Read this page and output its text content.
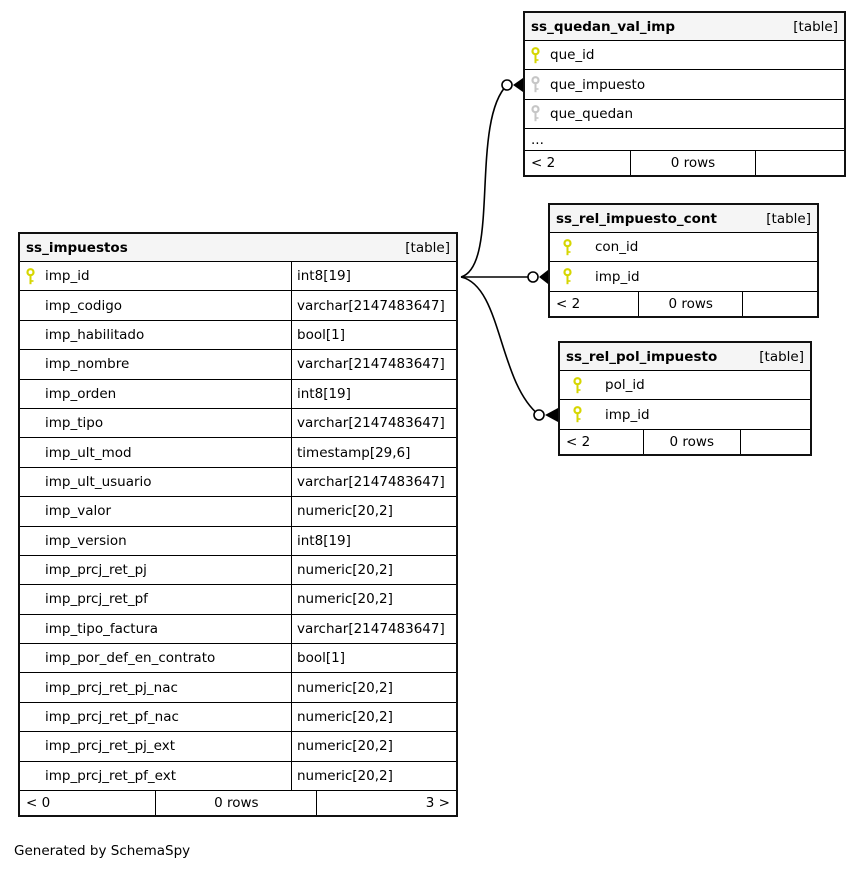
ss_impuestos	[table]
imp_id	int8[19]
imp_codigo	varchar[2147483647]
imp_habilitado	bool[1]
imp_nombre	varchar[2147483647]
imp_orden	int8[19]
imp_tipo	varchar[2147483647]
imp_ult_mod	timestamp[29,6]
imp_ult_usuario	varchar[2147483647]
imp_valor	numeric[20,2]
imp_version	int8[19]
imp_prcj_ret_pj	numeric[20,2]
imp_prcj_ret_pf	numeric[20,2]
imp_tipo_factura	varchar[2147483647]
imp_por_def_en_contrato	bool[1]
imp_prcj_ret_pj_nac	numeric[20,2]
imp_prcj_ret_pf_nac	numeric[20,2]
imp_prcj_ret_pj_ext	numeric[20,2]
imp_prcj_ret_pf_ext	numeric[20,2]
< 0	0 rows	3 >
ss_quedan_val_imp	[table]
que_id
que_impuesto
que_quedan
...
< 2	0 rows
ss_rel_impuesto_cont	[table]
con_id
imp_id
< 2	0 rows
ss_rel_pol_impuesto	[table]
pol_id
imp_id
< 2	0 rows
Generated by SchemaSpy
